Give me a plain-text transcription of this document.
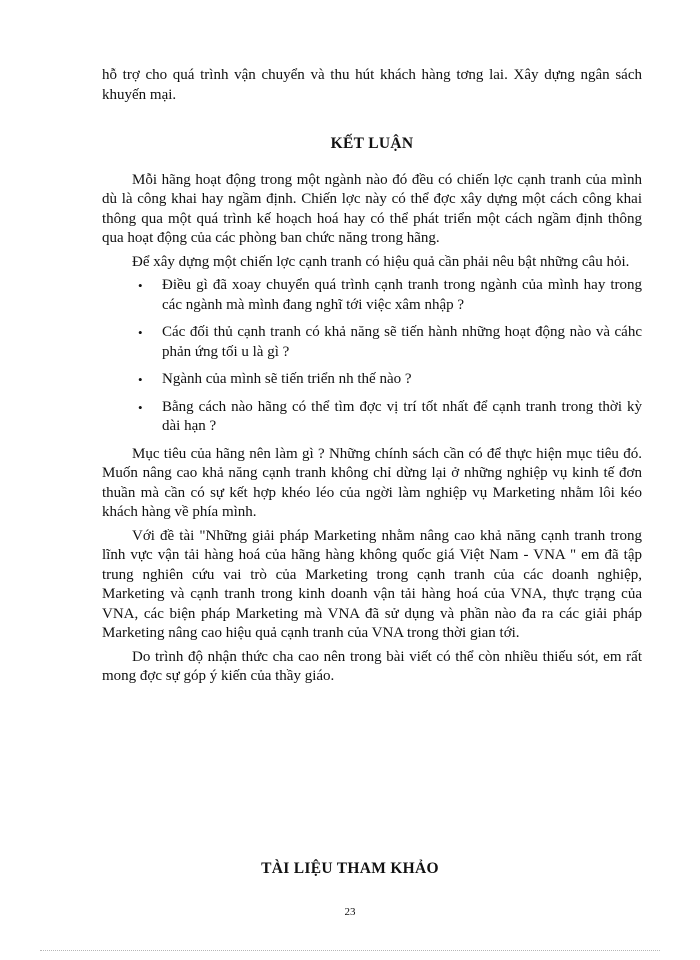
hỗ trợ cho quá trình vận chuyển và thu hút khách hàng tơng lai. Xây dựng ngân sách khuyến mại.

KẾT LUẬN

Mỗi hãng hoạt động trong một ngành nào đó đều có chiến lợc cạnh tranh của mình dù là công khai hay ngầm định. Chiến lợc này có thể đợc xây dựng một cách công khai thông qua một quá trình kế hoạch hoá hay có thể phát triển một cách ngầm định thông qua hoạt động của các phòng ban chức năng trong hãng.

Để xây dựng một chiến lợc cạnh tranh có hiệu quả cần phải nêu bật những câu hỏi.

• Điều gì đã xoay chuyển quá trình cạnh tranh trong ngành của mình hay trong các ngành mà mình đang nghĩ tới việc xâm nhập ?
• Các đối thủ cạnh tranh có khả năng sẽ tiến hành những hoạt động nào và cáhc phản ứng tối u là gì ?
• Ngành của mình sẽ tiến triển nh thế nào ?
• Bằng cách nào hãng có thể tìm đợc vị trí tốt nhất để cạnh tranh trong thời kỳ dài hạn ?

Mục tiêu của hãng nên làm gì ? Những chính sách cần có để thực hiện mục tiêu đó. Muốn nâng cao khả năng cạnh tranh không chỉ dừng lại ở những nghiệp vụ kinh tế đơn thuần mà cần có sự kết hợp khéo léo của ngời làm nghiệp vụ Marketing nhằm lôi kéo khách hàng về phía mình.

Với đề tài "Những giải pháp Marketing nhằm nâng cao khả năng cạnh tranh trong lĩnh vực vận tải hàng hoá của hãng hàng không quốc giá Việt Nam - VNA " em đã tập trung nghiên cứu vai trò của Marketing trong cạnh tranh của các doanh nghiệp, Marketing và cạnh tranh trong kinh doanh vận tải hàng hoá của VNA, thực trạng của VNA, các biện pháp Marketing mà VNA đã sử dụng và phần nào đa ra các giải pháp Marketing nâng cao hiệu quả cạnh tranh của VNA trong thời gian tới.

Do trình độ nhận thức cha cao nên trong bài viết có thể còn nhiều thiếu sót, em rất mong đợc sự góp ý kiến của thầy giáo.

TÀI LIỆU THAM KHẢO
23
